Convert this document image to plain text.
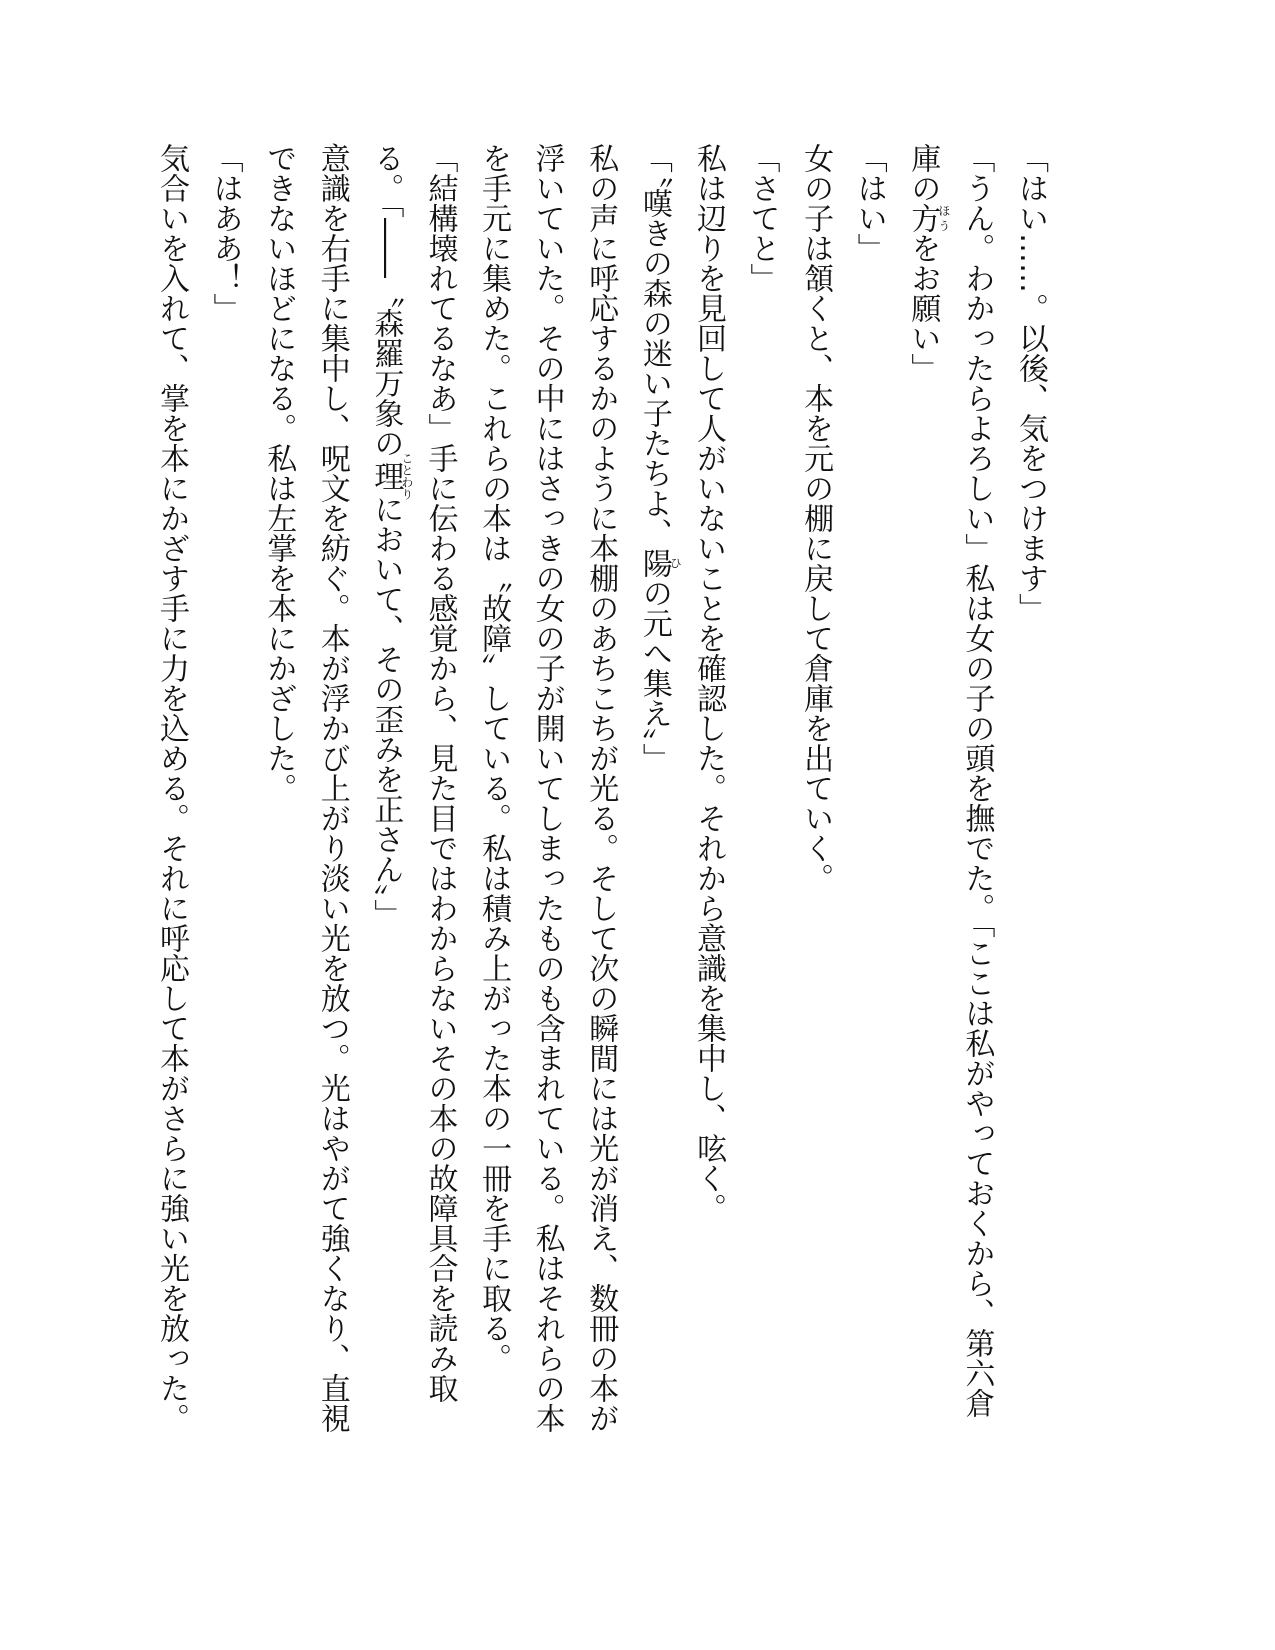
「はい……。以後、気をつけます」
「うん。わかったらよろしい」私は女の子の頭を撫でた。「ここは私がやっておくから、第六倉
庫の方ほうをお願い」
「はい」
女の子は頷くと、本を元の棚に戻して倉庫を出ていく。
「さてと」
私は辺りを見回して人がいないことを確認した。それから意識を集中し、呟く。
「〝嘆きの森の迷い子たちよ、陽ひの元へ集え〟」
私の声に呼応するかのように本棚のあちこちが光る。そして次の瞬間には光が消え、数冊の本が
浮いていた。その中にはさっきの女の子が開いてしまったものも含まれている。私はそれらの本
を手元に集めた。これらの本は〝故障〟している。私は積み上がった本の一冊を手に取る。
「結構壊れてるなあ」手に伝わる感覚から、見た目ではわからないその本の故障具合を読み取
る。「――〝森羅万象の理ことわりにおいて、その歪みを正さん〟」
意識を右手に集中し、呪文を紡ぐ。本が浮かび上がり淡い光を放つ。光はやがて強くなり、直視
できないほどになる。私は左掌を本にかざした。
「はああ！」
気合いを入れて、掌を本にかざす手に力を込める。それに呼応して本がさらに強い光を放った。
